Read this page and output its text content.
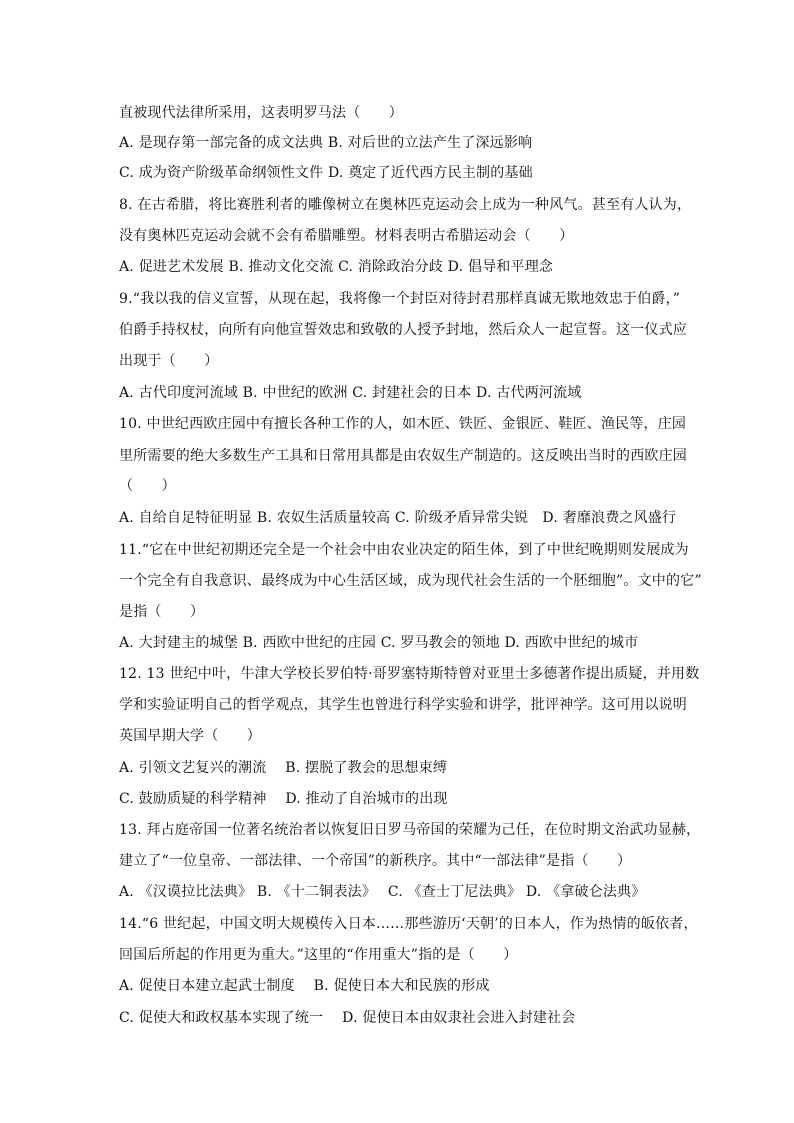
直被现代法律所采用，这表明罗马法（　　）
A. 是现存第一部完备的成文法典 B. 对后世的立法产生了深远影响
C. 成为资产阶级革命纲领性文件 D. 奠定了近代西方民主制的基础
8. 在古希腊，将比赛胜利者的雕像树立在奥林匹克运动会上成为一种风气。甚至有人认为，
没有奥林匹克运动会就不会有希腊雕塑。材料表明古希腊运动会（　　）
A. 促进艺术发展 B. 推动文化交流 C. 消除政治分歧 D. 倡导和平理念
9.“我以我的信义宣誓，从现在起，我将像一个封臣对待封君那样真诚无欺地效忠于伯爵，”
伯爵手持权杖，向所有向他宣誓效忠和致敬的人授予封地，然后众人一起宣誓。这一仪式应
出现于（　　）
A. 古代印度河流域 B. 中世纪的欧洲 C. 封建社会的日本 D. 古代两河流域
10. 中世纪西欧庄园中有擅长各种工作的人，如木匠、铁匠、金银匠、鞋匠、渔民等，庄园
里所需要的绝大多数生产工具和日常用具都是由农奴生产制造的。这反映出当时的西欧庄园
（　　）
A. 自给自足特征明显 B. 农奴生活质量较高 C. 阶级矛盾异常尖锐　D. 奢靡浪费之风盛行
11.“它在中世纪初期还完全是一个社会中由农业决定的陌生体，到了中世纪晚期则发展成为
一个完全有自我意识、最终成为中心生活区域，成为现代社会生活的一个胚细胞”。文中的它”
是指（　　）
A. 大封建主的城堡 B. 西欧中世纪的庄园 C. 罗马教会的领地 D. 西欧中世纪的城市
12. 13 世纪中叶，牛津大学校长罗伯特·哥罗塞特斯特曾对亚里士多德著作提出质疑，并用数
学和实验证明自己的哲学观点，其学生也曾进行科学实验和讲学，批评神学。这可用以说明
英国早期大学（　　）
A. 引领文艺复兴的潮流　 B. 摆脱了教会的思想束缚
C. 鼓励质疑的科学精神　 D. 推动了自治城市的出现
13. 拜占庭帝国一位著名统治者以恢复旧日罗马帝国的荣耀为己任，在位时期文治武功显赫，
建立了“一位皇帝、一部法律、一个帝国”的新秩序。其中“一部法律”是指（　　）
A. 《汉谟拉比法典》 B. 《十二铜表法》　 C. 《查士丁尼法典》 D. 《拿破仑法典》
14.“6 世纪起，中国文明大规模传入日本……那些游历‘天朝’的日本人，作为热情的皈依者，
回国后所起的作用更为重大。”这里的“作用重大”指的是（　　）
A. 促使日本建立起武士制度　 B. 促使日本大和民族的形成
C. 促使大和政权基本实现了统一　 D. 促使日本由奴隶社会进入封建社会
